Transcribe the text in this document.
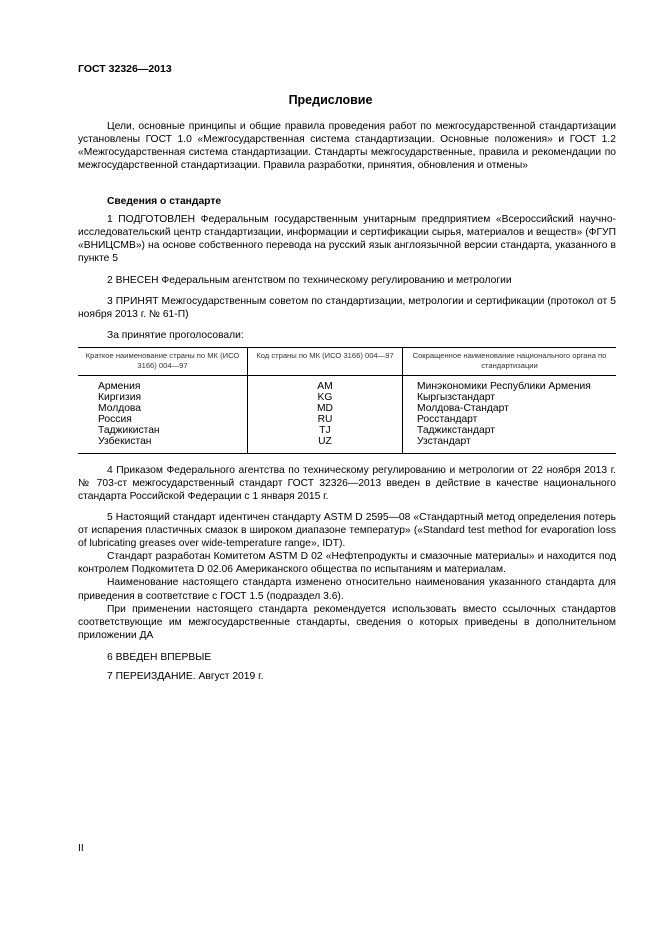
ГОСТ 32326—2013
Предисловие

Цели, основные принципы и общие правила проведения работ по межгосударственной стандартизации установлены ГОСТ 1.0 «Межгосударственная система стандартизации. Основные положения» и ГОСТ 1.2 «Межгосударственная система стандартизации. Стандарты межгосударственные, правила и рекомендации по межгосударственной стандартизации. Правила разработки, принятия, обновления и отмены»

Сведения о стандарте

1 ПОДГОТОВЛЕН Федеральным государственным унитарным предприятием «Всероссийский научно-исследовательский центр стандартизации, информации и сертификации сырья, материалов и веществ» (ФГУП «ВНИЦСМВ») на основе собственного перевода на русский язык англоязычной версии стандарта, указанного в пункте 5

2 ВНЕСЕН Федеральным агентством по техническому регулированию и метрологии

3 ПРИНЯТ Межгосударственным советом по стандартизации, метрологии и сертификации (протокол от 5 ноября 2013 г. № 61-П)

За принятие проголосовали:

Краткое наименование страны по МК (ИСО 3166) 004—97	Код страны по МК (ИСО 3166) 004—97	Сокращенное наименование национального органа по стандартизации
Армения	AM	Минэкономики Республики Армения
Киргизия	KG	Кыргызстандарт
Молдова	MD	Молдова-Стандарт
Россия	RU	Росстандарт
Таджикистан	TJ	Таджикстандарт
Узбекистан	UZ	Узстандарт

4 Приказом Федерального агентства по техническому регулированию и метрологии от 22 ноября 2013 г. № 703-ст межгосударственный стандарт ГОСТ 32326—2013 введен в действие в качестве национального стандарта Российской Федерации с 1 января 2015 г.

5 Настоящий стандарт идентичен стандарту ASTM D 2595—08 «Стандартный метод определения потерь от испарения пластичных смазок в широком диапазоне температур» («Standard test method for evaporation loss of lubricating greases over wide-temperature range», IDT).

Стандарт разработан Комитетом ASTM D 02 «Нефтепродукты и смазочные материалы» и находится под контролем Подкомитета D 02.06 Американского общества по испытаниям и материалам.

Наименование настоящего стандарта изменено относительно наименования указанного стандарта для приведения в соответствие с ГОСТ 1.5 (подраздел 3.6).

При применении настоящего стандарта рекомендуется использовать вместо ссылочных стандартов соответствующие им межгосударственные стандарты, сведения о которых приведены в дополнительном приложении ДА

6 ВВЕДЕН ВПЕРВЫЕ

7 ПЕРЕИЗДАНИЕ. Август 2019 г.

II
